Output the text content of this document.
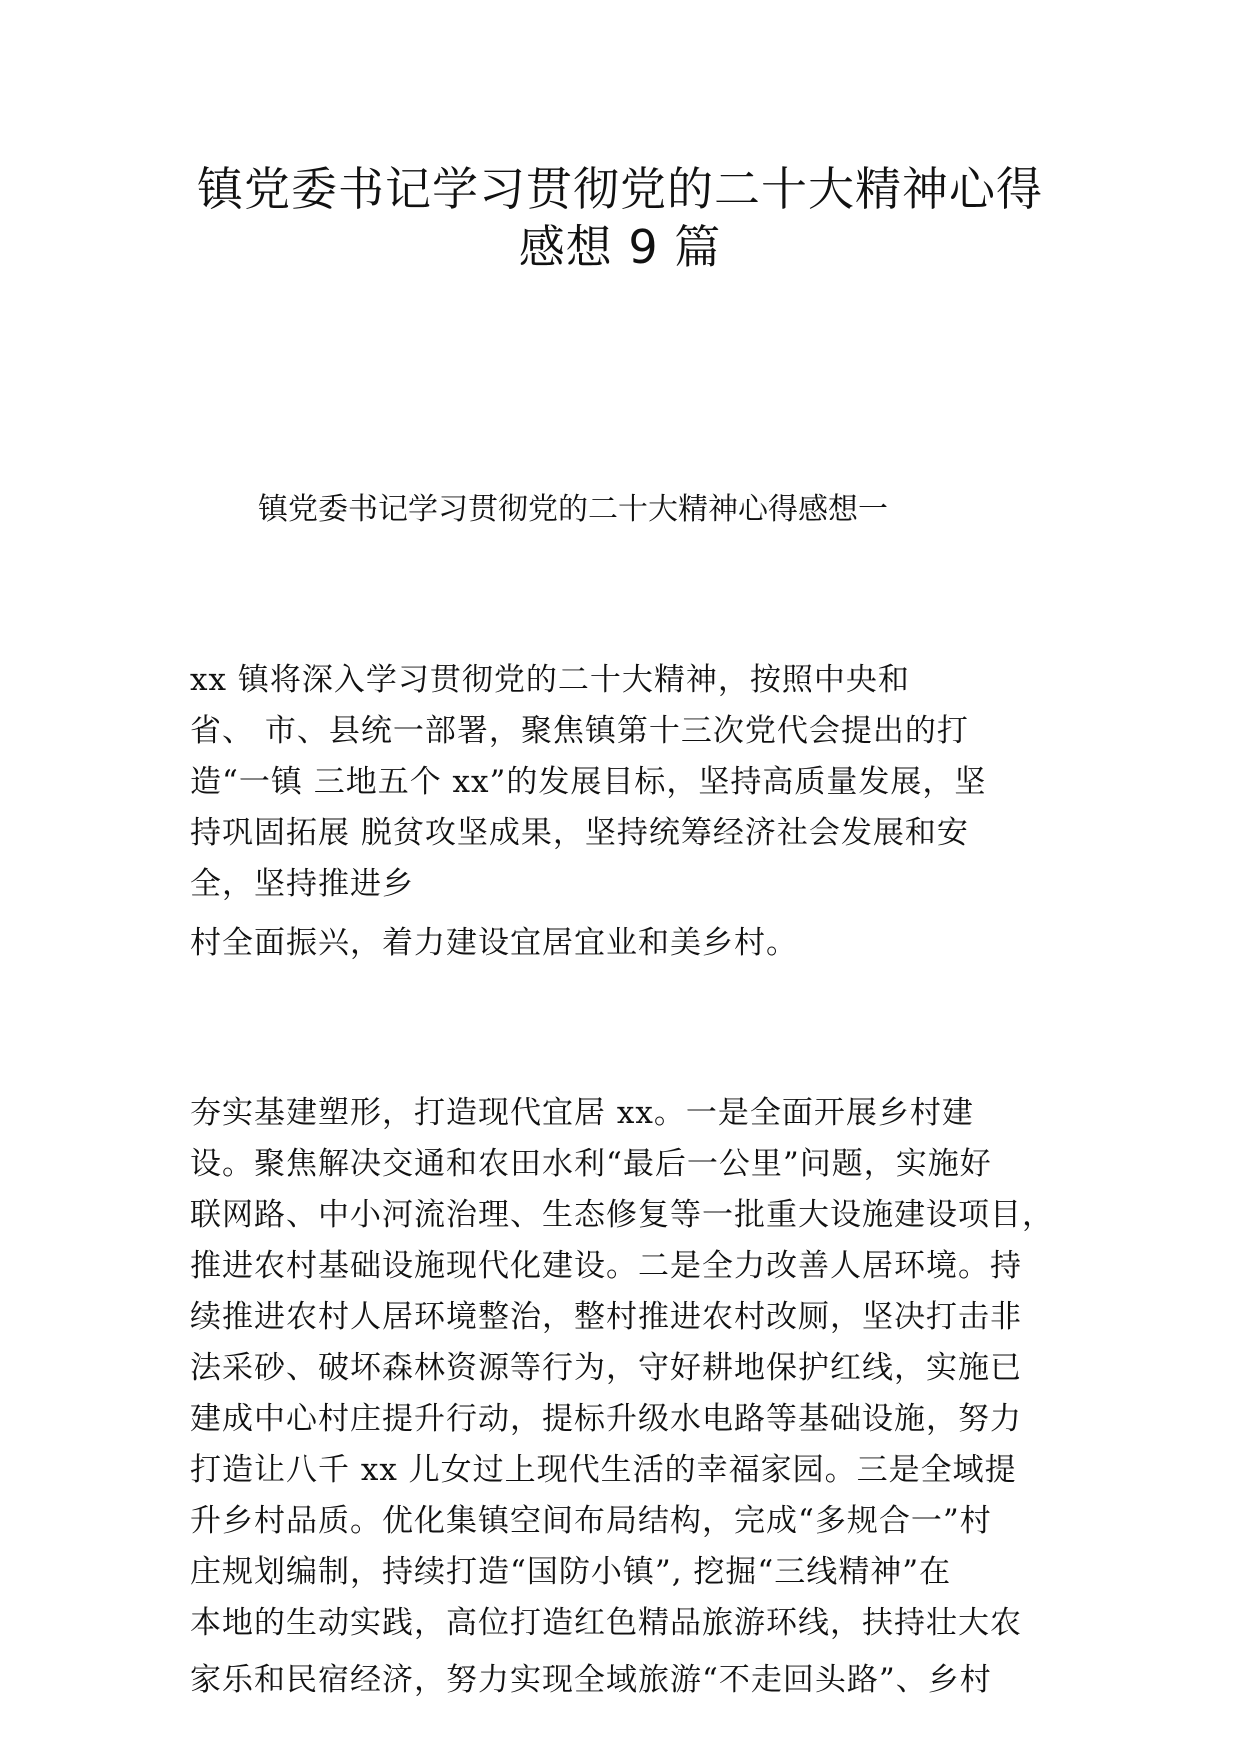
镇党委书记学习贯彻党的二十大精神心得
感想 9 篇
镇党委书记学习贯彻党的二十大精神心得感想一
xx 镇将深入学习贯彻党的二十大精神，按照中央和
省、 市、县统一部署，聚焦镇第十三次党代会提出的打
造“一镇 三地五个 xx”的发展目标，坚持高质量发展，坚
持巩固拓展 脱贫攻坚成果，坚持统筹经济社会发展和安
全，坚持推进乡
村全面振兴，着力建设宜居宜业和美乡村。
夯实基建塑形，打造现代宜居 xx。一是全面开展乡村建
设。聚焦解决交通和农田水利“最后一公里”问题，实施好
联网路、中小河流治理、生态修复等一批重大设施建设项目，
推进农村基础设施现代化建设。二是全力改善人居环境。持
续推进农村人居环境整治，整村推进农村改厕，坚决打击非
法采砂、破坏森林资源等行为，守好耕地保护红线，实施已
建成中心村庄提升行动，提标升级水电路等基础设施，努力
打造让八千 xx 儿女过上现代生活的幸福家园。三是全域提
升乡村品质。优化集镇空间布局结构，完成“多规合一”村
庄规划编制，持续打造“国防小镇”, 挖掘“三线精神”在
本地的生动实践，高位打造红色精品旅游环线，扶持壮大农
家乐和民宿经济，努力实现全域旅游“不走回头路”、乡村
